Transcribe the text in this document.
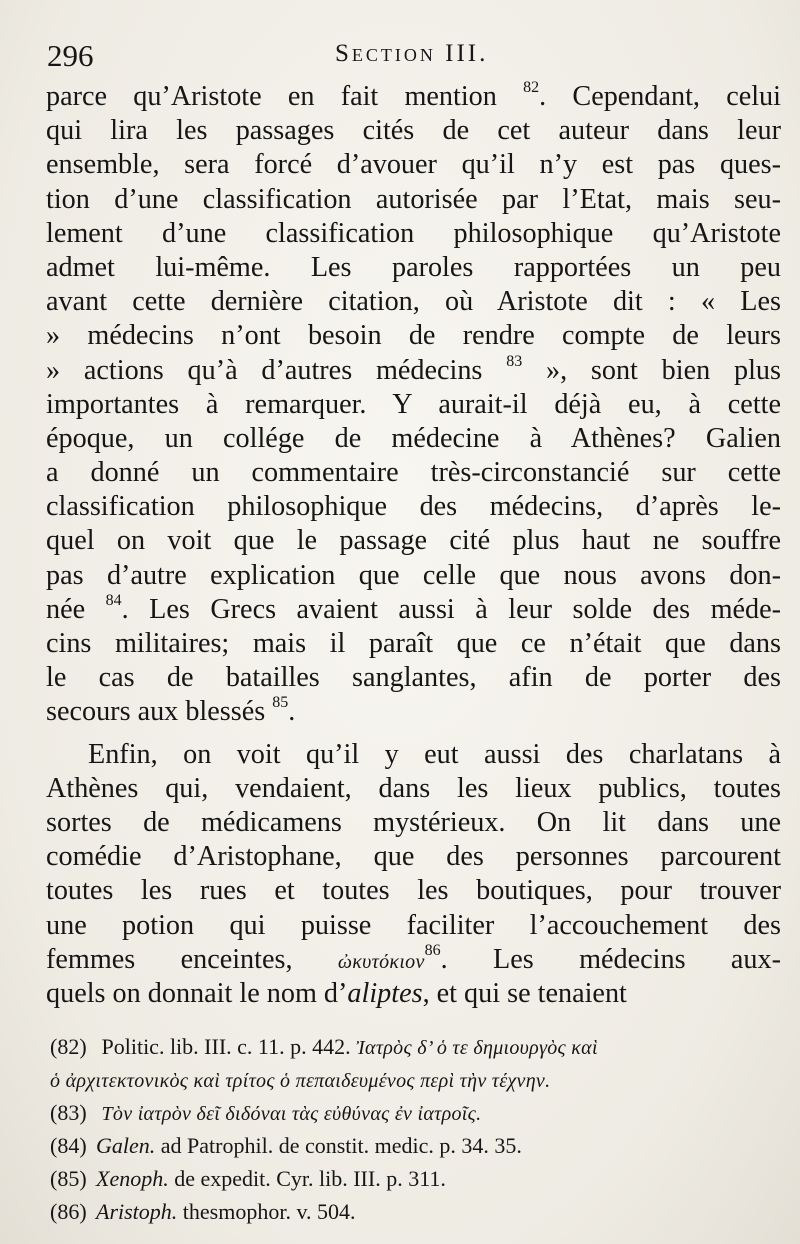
296	Section III.
parce qu’Aristote en fait mention $^{82}$. Cependant, celui
qui lira les passages cités de cet auteur dans leur
ensemble, sera forcé d’avouer qu’il n’y est pas ques-
tion d’une classification autorisée par l’Etat, mais seu-
lement d’une classification philosophique qu’Aristote
admet lui-même. Les paroles rapportées un peu
avant cette dernière citation, où Aristote dit : « Les
» médecins n’ont besoin de rendre compte de leurs
» actions qu’à d’autres médecins $^{83}$ », sont bien plus
importantes à remarquer. Y aurait-il déjà eu, à cette
époque, un collége de médecine à Athènes? Galien
a donné un commentaire très-circonstancié sur cette
classification philosophique des médecins, d’après le-
quel on voit que le passage cité plus haut ne souffre
pas d’autre explication que celle que nous avons don-
née $^{84}$. Les Grecs avaient aussi à leur solde des méde-
cins militaires; mais il paraît que ce n’était que dans
le cas de batailles sanglantes, afin de porter des
secours aux blessés $^{85}$.
Enfin, on voit qu’il y eut aussi des charlatans à
Athènes qui, vendaient, dans les lieux publics, toutes
sortes de médicamens mystérieux. On lit dans une
comédie d’Aristophane, que des personnes parcourent
toutes les rues et toutes les boutiques, pour trouver
une potion qui puisse faciliter l’accouchement des
femmes enceintes, ὠκυτόκιον$^{86}$. Les médecins aux-
quels on donnait le nom d’aliptes, et qui se tenaient
(82) Politic. lib. III. c. 11. p. 442. Ἰατρὸς δ’ ὁ τε δημιουργὸς καὶ
ὁ ἀρχιτεκτονικὸς καὶ τρίτος ὁ πεπαιδευμένος περὶ τὴν τέχνην.
(83) Τὸν ἰατρὸν δεῖ διδόναι τὰς εὐθύνας ἐν ἰατροῖς.
(84) Galen. ad Patrophil. de constit. medic. p. 34. 35.
(85) Xenoph. de expedit. Cyr. lib. III. p. 311.
(86) Aristoph. thesmophor. v. 504.
